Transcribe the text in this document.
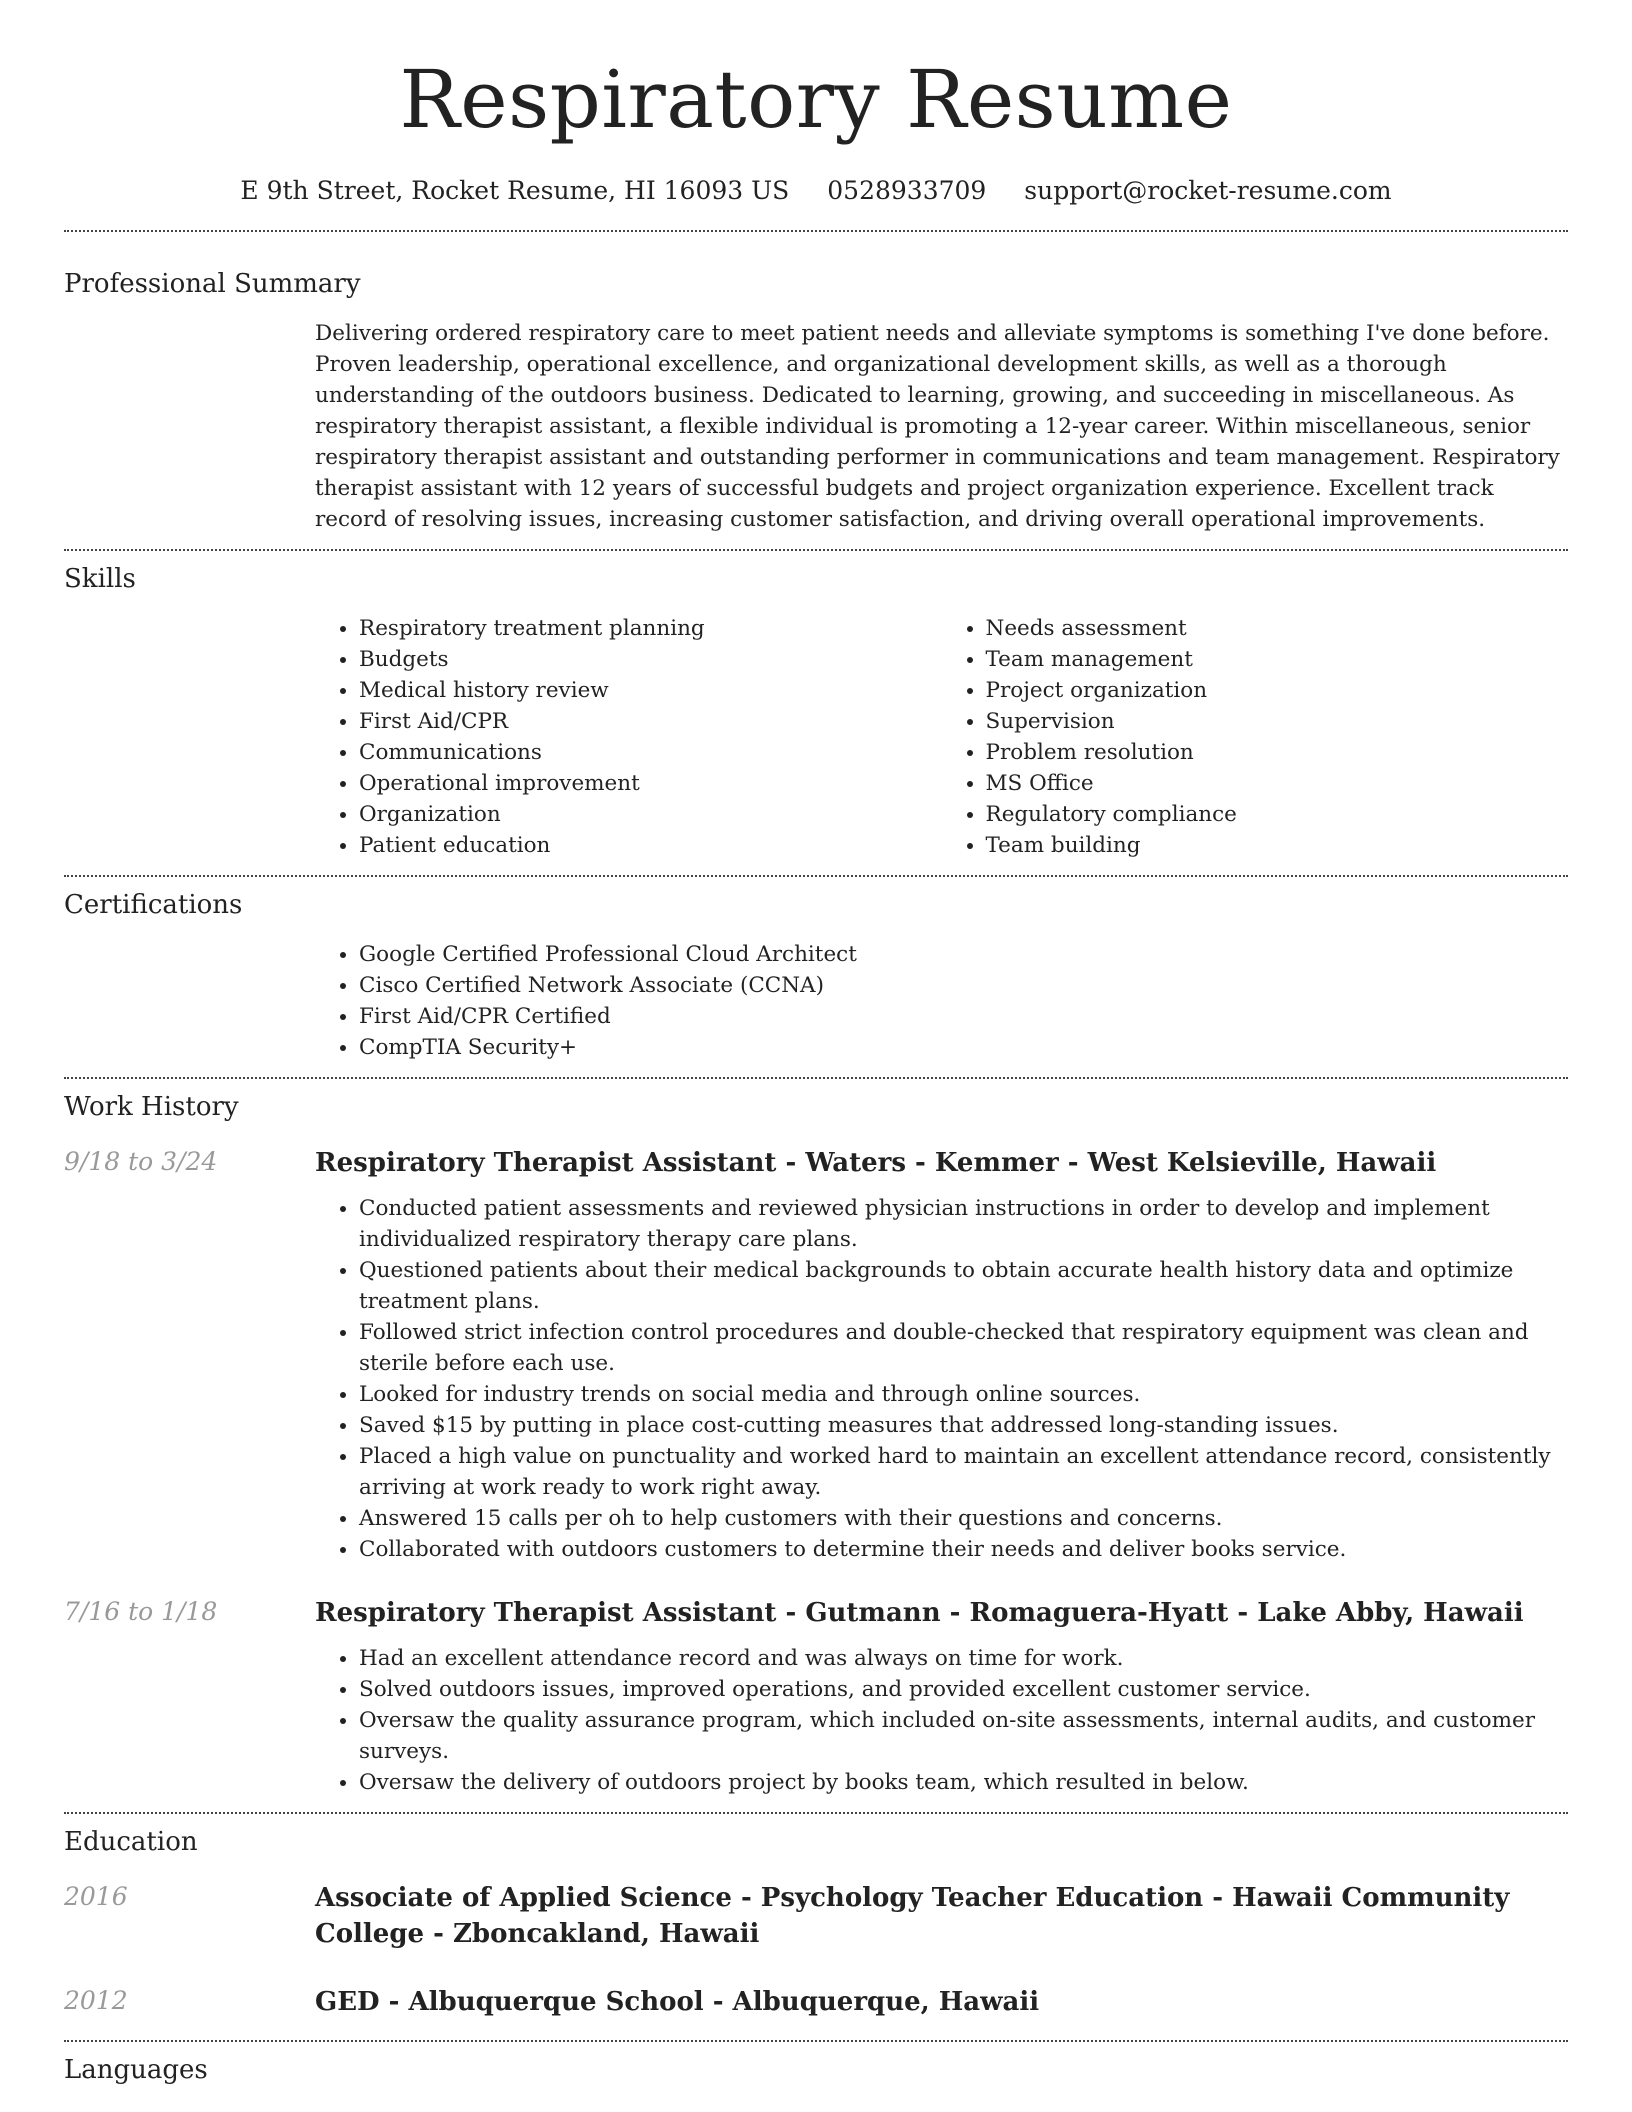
Respiratory Resume
E 9th Street, Rocket Resume, HI 16093 US 0528933709 support@rocket-resume.com
Professional Summary

Delivering ordered respiratory care to meet patient needs and alleviate symptoms is something I've done before. Proven leadership, operational excellence, and organizational development skills, as well as a thorough understanding of the outdoors business. Dedicated to learning, growing, and succeeding in miscellaneous. As respiratory therapist assistant, a flexible individual is promoting a 12-year career. Within miscellaneous, senior respiratory therapist assistant and outstanding performer in communications and team management. Respiratory therapist assistant with 12 years of successful budgets and project organization experience. Excellent track record of resolving issues, increasing customer satisfaction, and driving overall operational improvements.

Skills
• Respiratory treatment planning
• Budgets
• Medical history review
• First Aid/CPR
• Communications
• Operational improvement
• Organization
• Patient education
• Needs assessment
• Team management
• Project organization
• Supervision
• Problem resolution
• MS Office
• Regulatory compliance
• Team building
Certifications
• Google Certified Professional Cloud Architect
• Cisco Certified Network Associate (CCNA)
• First Aid/CPR Certified
• CompTIA Security+
Work History
9/18 to 3/24	Respiratory Therapist Assistant - Waters - Kemmer - West Kelsieville, Hawaii
• Conducted patient assessments and reviewed physician instructions in order to develop and implement individualized respiratory therapy care plans.
• Questioned patients about their medical backgrounds to obtain accurate health history data and optimize treatment plans.
• Followed strict infection control procedures and double-checked that respiratory equipment was clean and sterile before each use.
• Looked for industry trends on social media and through online sources.
• Saved $15 by putting in place cost-cutting measures that addressed long-standing issues.
• Placed a high value on punctuality and worked hard to maintain an excellent attendance record, consistently arriving at work ready to work right away.
• Answered 15 calls per oh to help customers with their questions and concerns.
• Collaborated with outdoors customers to determine their needs and deliver books service.
7/16 to 1/18	Respiratory Therapist Assistant - Gutmann - Romaguera-Hyatt - Lake Abby, Hawaii
• Had an excellent attendance record and was always on time for work.
• Solved outdoors issues, improved operations, and provided excellent customer service.
• Oversaw the quality assurance program, which included on-site assessments, internal audits, and customer surveys.
• Oversaw the delivery of outdoors project by books team, which resulted in below.
Education
2016	Associate of Applied Science - Psychology Teacher Education - Hawaii Community College - Zboncakland, Hawaii
2012	GED - Albuquerque School - Albuquerque, Hawaii
Languages
